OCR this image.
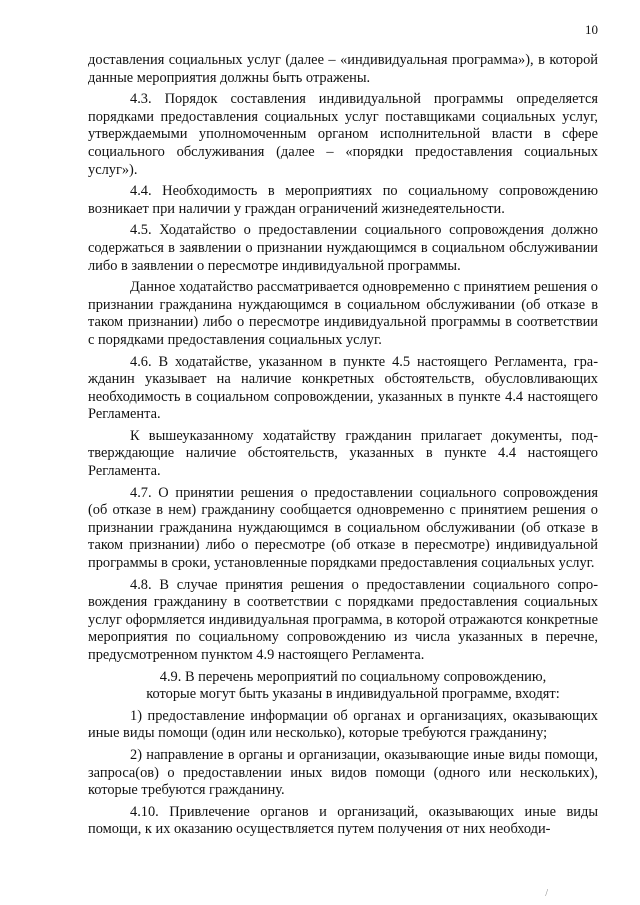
10

доставления социальных услуг (далее – «индивидуальная программа»), в которой данные мероприятия должны быть отражены.

4.3. Порядок составления индивидуальной программы определяется порядками предоставления социальных услуг поставщиками социальных услуг, утверждаемыми уполномоченным органом исполнительной власти в сфере социального обслуживания (далее – «порядки предоставления социальных услуг»).

4.4. Необходимость в мероприятиях по социальному сопровождению возникает при наличии у граждан ограничений жизнедеятельности.

4.5. Ходатайство о предоставлении социального сопровождения должно содержаться в заявлении о признании нуждающимся в социальном обслуживании либо в заявлении о пересмотре индивидуальной программы.

Данное ходатайство рассматривается одновременно с принятием решения о признании гражданина нуждающимся в социальном обслуживании (об отказе в таком признании) либо о пересмотре индивидуальной программы в соответствии с порядками предоставления социальных услуг.

4.6. В ходатайстве, указанном в пункте 4.5 настоящего Регламента, гражданин указывает на наличие конкретных обстоятельств, обусловливающих необходимость в социальном сопровождении, указанных в пункте 4.4 настоящего Регламента.

К вышеуказанному ходатайству гражданин прилагает документы, подтверждающие наличие обстоятельств, указанных в пункте 4.4 настоящего Регламента.

4.7. О принятии решения о предоставлении социального сопровождения (об отказе в нем) гражданину сообщается одновременно с принятием решения о признании гражданина нуждающимся в социальном обслуживании (об отказе в таком признании) либо о пересмотре (об отказе в пересмотре) индивидуальной программы в сроки, установленные порядками предоставления социальных услуг.

4.8. В случае принятия решения о предоставлении социального сопровождения гражданину в соответствии с порядками предоставления социальных услуг оформляется индивидуальная программа, в которой отражаются конкретные мероприятия по социальному сопровождению из числа указанных в перечне, предусмотренном пунктом 4.9 настоящего Регламента.

4.9. В перечень мероприятий по социальному сопровождению, которые могут быть указаны в индивидуальной программе, входят:

1) предоставление информации об органах и организациях, оказывающих иные виды помощи (один или несколько), которые требуются гражданину;

2) направление в органы и организации, оказывающие иные виды помощи, запроса(ов) о предоставлении иных видов помощи (одного или нескольких), которые требуются гражданину.

4.10. Привлечение органов и организаций, оказывающих иные виды помощи, к их оказанию осуществляется путем получения от них необходи-

/
